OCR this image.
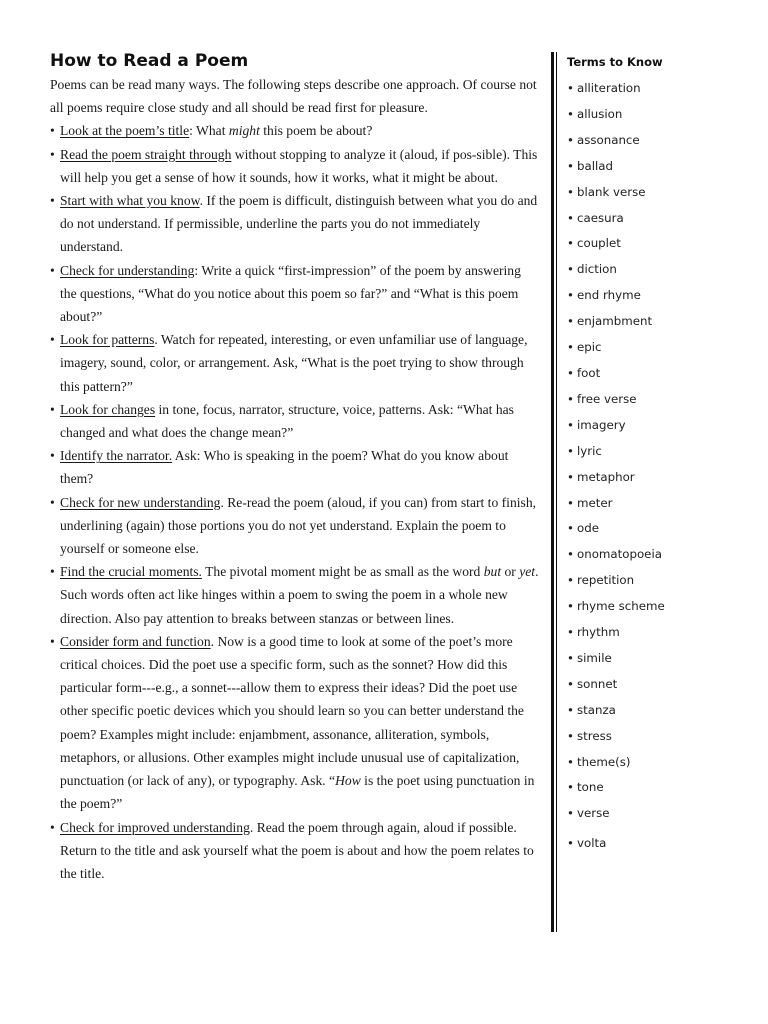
How to Read a Poem

Poems can be read many ways. The following steps describe one approach. Of course not all poems require close study and all should be read first for pleasure.

• Look at the poem’s title: What might this poem be about?
• Read the poem straight through without stopping to analyze it (aloud, if pos-sible). This will help you get a sense of how it sounds, how it works, what it might be about.
• Start with what you know. If the poem is difficult, distinguish between what you do and do not understand. If permissible, underline the parts you do not immediately understand.
• Check for understanding: Write a quick “first-impression” of the poem by answering the questions, “What do you notice about this poem so far?” and “What is this poem about?”
• Look for patterns. Watch for repeated, interesting, or even unfamiliar use of language, imagery, sound, color, or arrangement. Ask, “What is the poet trying to show through this pattern?”
• Look for changes in tone, focus, narrator, structure, voice, patterns. Ask: “What has changed and what does the change mean?”
• Identify the narrator. Ask: Who is speaking in the poem? What do you know about them?
• Check for new understanding. Re-read the poem (aloud, if you can) from start to finish, underlining (again) those portions you do not yet understand. Explain the poem to yourself or someone else.
• Find the crucial moments. The pivotal moment might be as small as the word but or yet. Such words often act like hinges within a poem to swing the poem in a whole new direction. Also pay attention to breaks between stanzas or between lines.
• Consider form and function. Now is a good time to look at some of the poet’s more critical choices. Did the poet use a specific form, such as the sonnet? How did this particular form---e.g., a sonnet---allow them to express their ideas? Did the poet use other specific poetic devices which you should learn so you can better understand the poem? Examples might include: enjambment, assonance, alliteration, symbols, metaphors, or allusions. Other examples might include unusual use of capitalization, punctuation (or lack of any), or typography. Ask. “How is the poet using punctuation in the poem?”
• Check for improved understanding. Read the poem through again, aloud if possible. Return to the title and ask yourself what the poem is about and how the poem relates to the title.
Terms to Know
• alliteration
• allusion
• assonance
• ballad
• blank verse
• caesura
• couplet
• diction
• end rhyme
• enjambment
• epic
• foot
• free verse
• imagery
• lyric
• metaphor
• meter
• ode
• onomatopoeia
• repetition
• rhyme scheme
• rhythm
• simile
• sonnet
• stanza
• stress
• theme(s)
• tone
• verse
• volta
